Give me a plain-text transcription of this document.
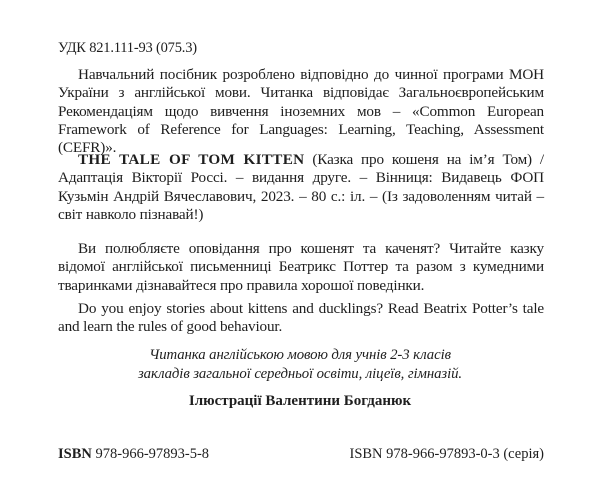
УДК 821.111-93 (075.3)
Навчальний посібник розроблено відповідно до чинної програми МОН України з англійської мови. Читанка відповідає Загальноєвропейським Рекомендаціям щодо вивчення іноземних мов – «Common European Framework of Reference for Languages: Learning, Teaching, Assessment (CEFR)».
THE TALE OF TOM KITTEN (Казка про кошеня на ім’я Том) / Адаптація Вікторії Россі. – видання друге. – Вінниця: Видавець ФОП Кузьмін Андрій Вячеславович, 2023. – 80 с.: іл. – (Із задоволенням читай – світ навколо пізнавай!)
Ви полюбляєте оповідання про кошенят та каченят? Читайте казку відомої англійської письменниці Беатрикс Поттер та разом з кумедними тваринками дізнавайтеся про правила хорошої поведінки.
Do you enjoy stories about kittens and ducklings? Read Beatrix Potter’s tale and learn the rules of good behaviour.
Читанка англійською мовою для учнів 2-3 класів
закладів загальної середньої освіти, ліцеїв, гімназій.
Ілюстрації Валентини Богданюк
ISBN 978-966-97893-5-8	ISBN 978-966-97893-0-3 (серія)
